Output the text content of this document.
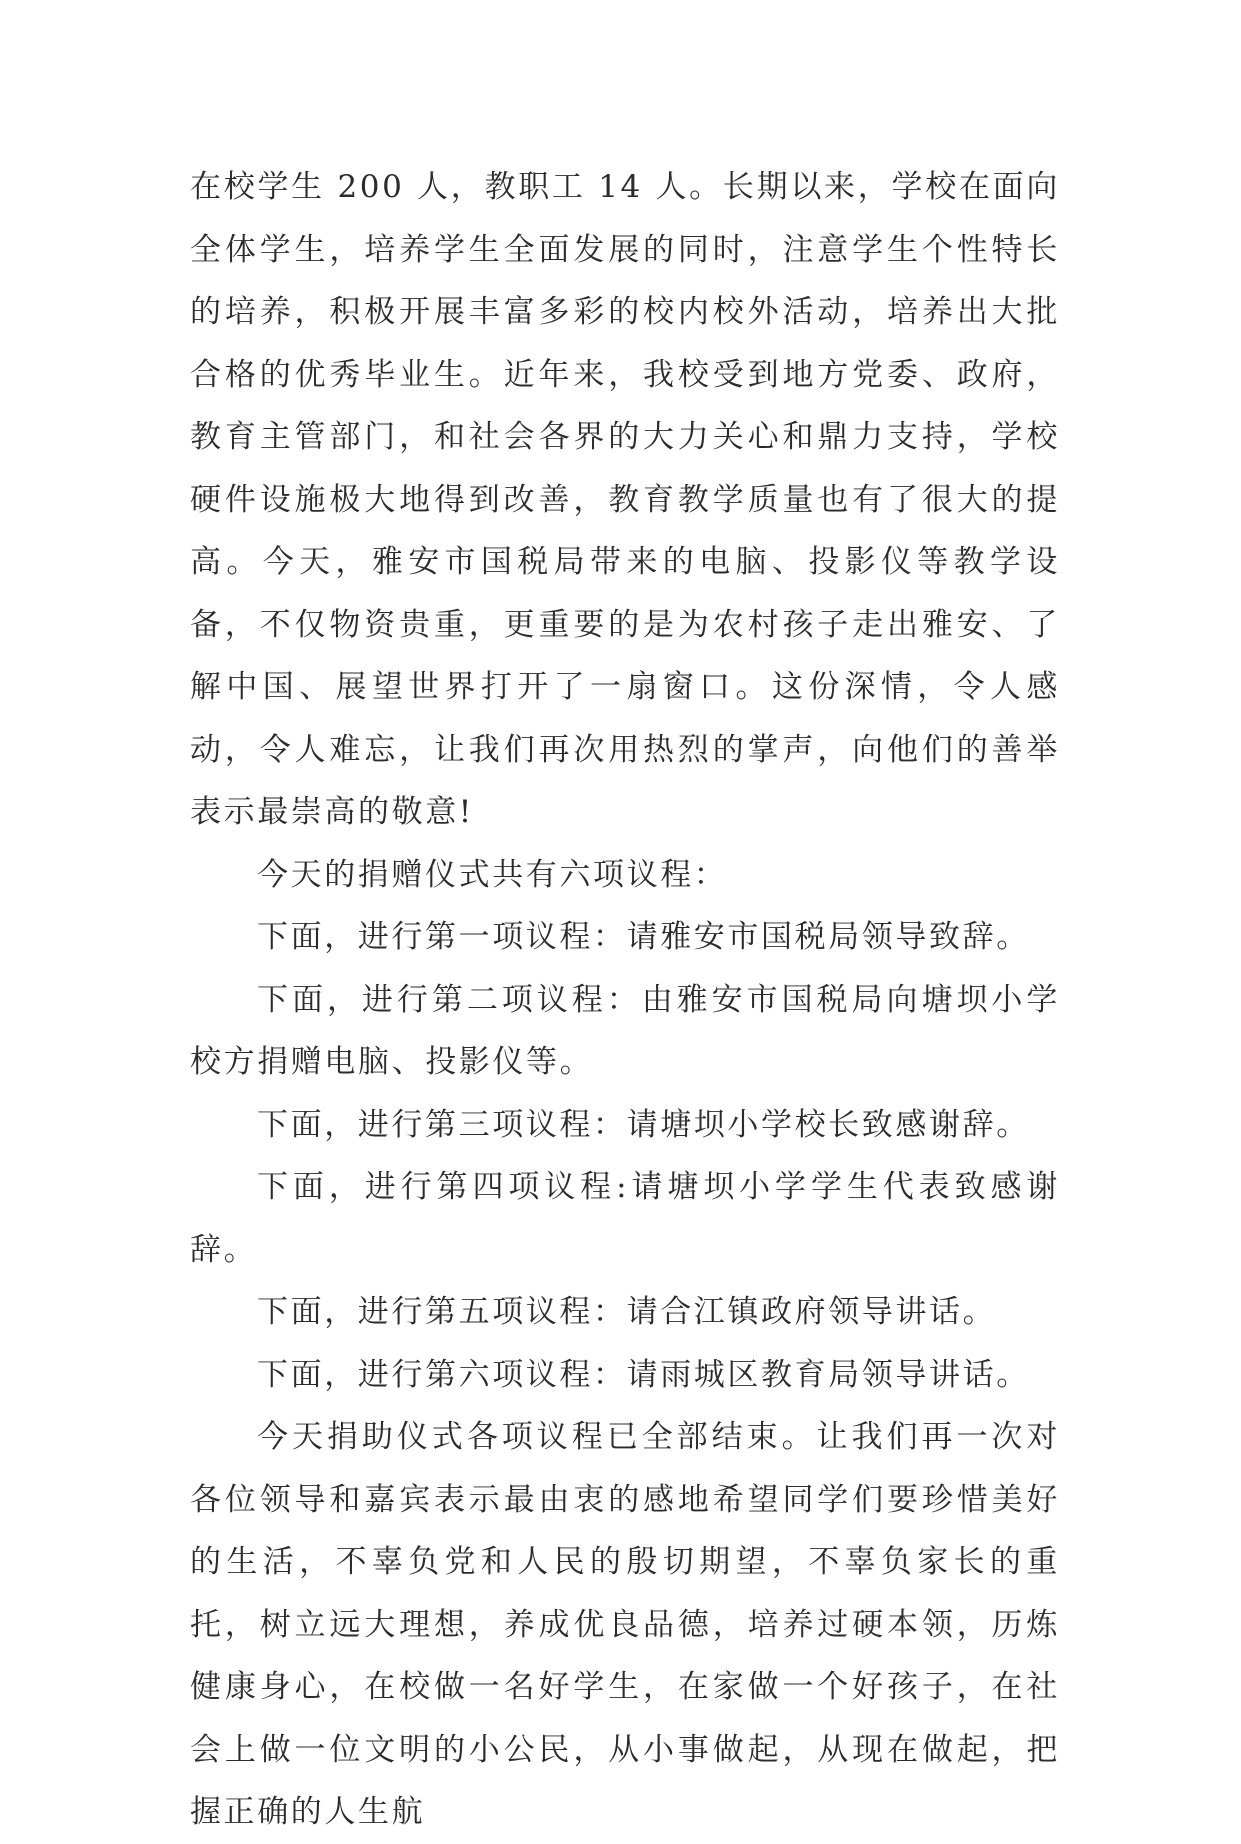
在校学生 200 人，教职工 14 人。长期以来，学校在面向全体学生，培养学生全面发展的同时，注意学生个性特长的培养，积极开展丰富多彩的校内校外活动，培养出大批合格的优秀毕业生。近年来，我校受到地方党委、政府，教育主管部门，和社会各界的大力关心和鼎力支持，学校硬件设施极大地得到改善，教育教学质量也有了很大的提高。今天，雅安市国税局带来的电脑、投影仪等教学设备，不仅物资贵重，更重要的是为农村孩子走出雅安、了解中国、展望世界打开了一扇窗口。这份深情，令人感动，令人难忘，让我们再次用热烈的掌声，向他们的善举表示最崇高的敬意!

今天的捐赠仪式共有六项议程：

下面，进行第一项议程：请雅安市国税局领导致辞。

下面，进行第二项议程：由雅安市国税局向塘坝小学校方捐赠电脑、投影仪等。

下面，进行第三项议程：请塘坝小学校长致感谢辞。

下面，进行第四项议程:请塘坝小学学生代表致感谢辞。

下面，进行第五项议程：请合江镇政府领导讲话。

下面，进行第六项议程：请雨城区教育局领导讲话。

今天捐助仪式各项议程已全部结束。让我们再一次对各位领导和嘉宾表示最由衷的感地希望同学们要珍惜美好的生活，不辜负党和人民的殷切期望，不辜负家长的重托，树立远大理想，养成优良品德，培养过硬本领，历炼健康身心，在校做一名好学生，在家做一个好孩子，在社会上做一位文明的小公民，从小事做起，从现在做起，把握正确的人生航
